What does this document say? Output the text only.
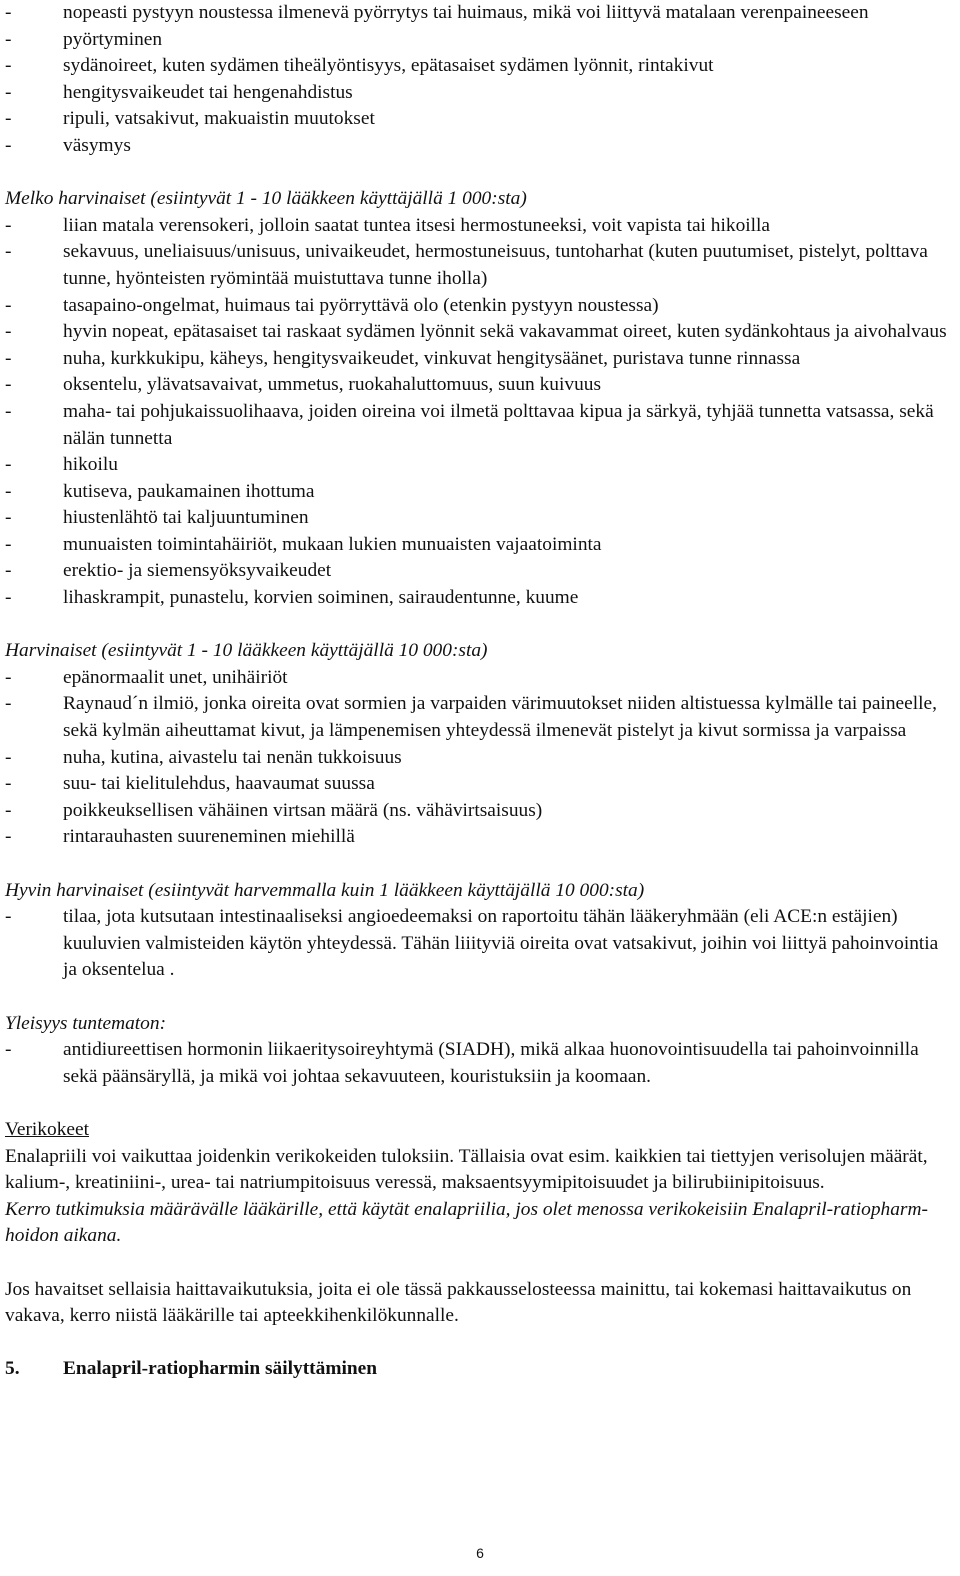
- nopeasti pystyyn noustessa ilmenevä pyörrytys tai huimaus, mikä voi liittyvä matalaan verenpaineeseen
- pyörtyminen
- sydänoireet, kuten sydämen tiheälyöntisyys, epätasaiset sydämen lyönnit, rintakivut
- hengitysvaikeudet tai hengenahdistus
- ripuli, vatsakivut, makuaistin muutokset
- väsymys

Melko harvinaiset (esiintyvät 1 - 10 lääkkeen käyttäjällä 1 000:sta)

- liian matala verensokeri, jolloin saatat tuntea itsesi hermostuneeksi, voit vapista tai hikoilla
- sekavuus, uneliaisuus/unisuus, univaikeudet, hermostuneisuus, tuntoharhat (kuten puutumiset, pistelyt, polttava tunne, hyönteisten ryömintää muistuttava tunne iholla)
- tasapaino-ongelmat, huimaus tai pyörryttävä olo (etenkin pystyyn noustessa)
- hyvin nopeat, epätasaiset tai raskaat sydämen lyönnit sekä vakavammat oireet, kuten sydänkohtaus ja aivohalvaus
- nuha, kurkkukipu, käheys, hengitysvaikeudet, vinkuvat hengitysäänet, puristava tunne rinnassa
- oksentelu, ylävatsavaivat, ummetus, ruokahaluttomuus, suun kuivuus
- maha- tai pohjukaissuolihaava, joiden oireina voi ilmetä polttavaa kipua ja särkyä, tyhjää tunnetta vatsassa, sekä nälän tunnetta
- hikoilu
- kutiseva, paukamainen ihottuma
- hiustenlähtö tai kaljuuntuminen
- munuaisten toimintahäiriöt, mukaan lukien munuaisten vajaatoiminta
- erektio- ja siemensyöksyvaikeudet
- lihaskrampit, punastelu, korvien soiminen, sairaudentunne, kuume

Harvinaiset (esiintyvät 1 - 10 lääkkeen käyttäjällä 10 000:sta)

- epänormaalit unet, unihäiriöt
- Raynaud´n ilmiö, jonka oireita ovat sormien ja varpaiden värimuutokset niiden altistuessa kylmälle tai paineelle, sekä kylmän aiheuttamat kivut, ja lämpenemisen yhteydessä ilmenevät pistelyt ja kivut sormissa ja varpaissa
- nuha, kutina, aivastelu tai nenän tukkoisuus
- suu- tai kielitulehdus, haavaumat suussa
- poikkeuksellisen vähäinen virtsan määrä (ns. vähävirtsaisuus)
- rintarauhasten suureneminen miehillä

Hyvin harvinaiset (esiintyvät harvemmalla kuin 1 lääkkeen käyttäjällä 10 000:sta)

- tilaa, jota kutsutaan intestinaaliseksi angioedeemaksi on raportoitu tähän lääkeryhmään (eli ACE:n estäjien) kuuluvien valmisteiden käytön yhteydessä. Tähän liiityviä oireita ovat vatsakivut, joihin voi liittyä pahoinvointia ja oksentelua .

Yleisyys tuntematon:

- antidiureettisen hormonin liikaeritysoireyhtymä (SIADH), mikä alkaa huonovointisuudella tai pahoinvoinnilla sekä päänsäryllä, ja mikä voi johtaa sekavuuteen, kouristuksiin ja koomaan.

Verikokeet

Enalapriili voi vaikuttaa joidenkin verikokeiden tuloksiin. Tällaisia ovat esim. kaikkien tai tiettyjen verisolujen määrät, kalium-, kreatiniini-, urea- tai natriumpitoisuus veressä, maksaentsyymipitoisuudet ja bilirubiinipitoisuus.

Kerro tutkimuksia määrävälle lääkärille, että käytät enalapriilia, jos olet menossa verikokeisiin Enalapril-ratiopharm-hoidon aikana.

Jos havaitset sellaisia haittavaikutuksia, joita ei ole tässä pakkausselosteessa mainittu, tai kokemasi haittavaikutus on vakava, kerro niistä lääkärille tai apteekkihenkilökunnalle.

5.	Enalapril-ratiopharmin säilyttäminen
6
